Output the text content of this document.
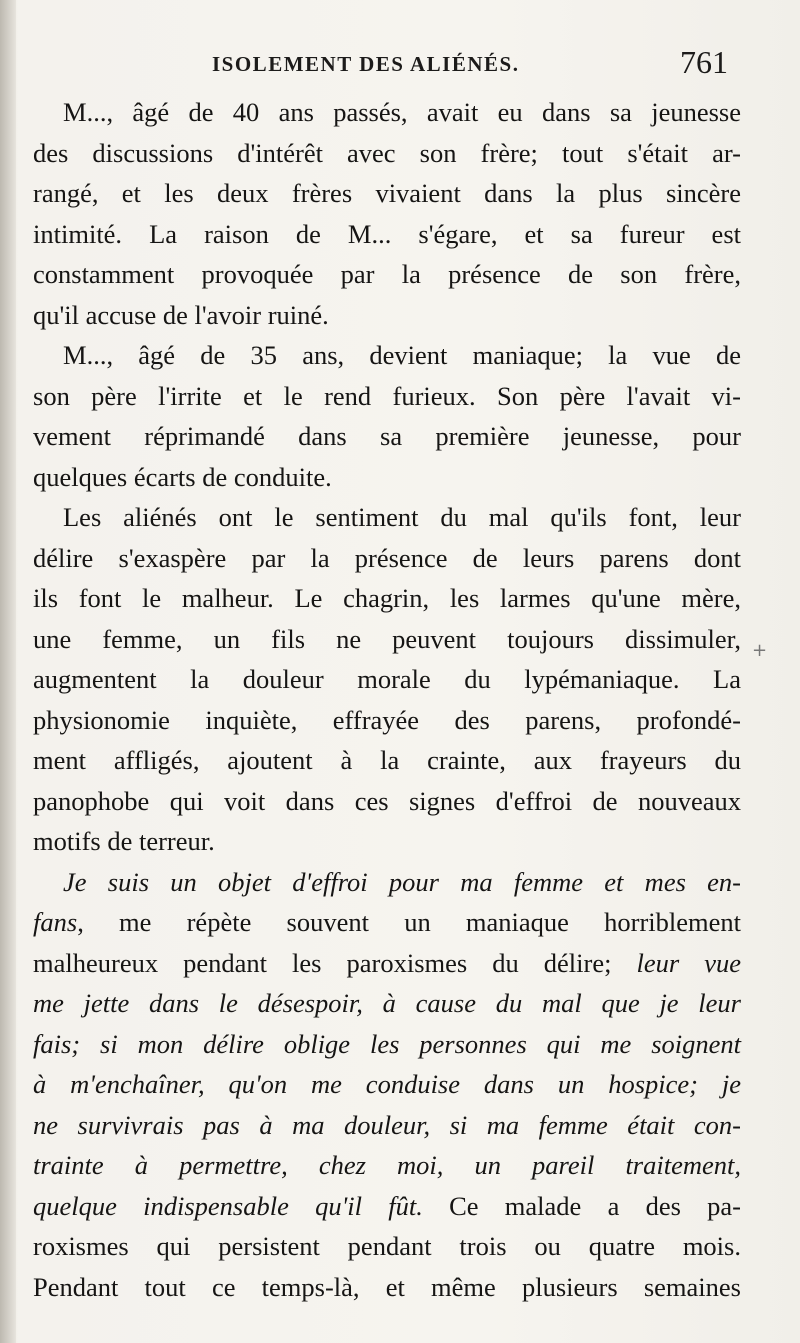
ISOLEMENT DES ALIÉNÉS.	761
M..., âgé de 40 ans passés, avait eu dans sa jeunesse
des discussions d'intérêt avec son frère; tout s'était ar-
rangé, et les deux frères vivaient dans la plus sincère
intimité. La raison de M... s'égare, et sa fureur est
constamment provoquée par la présence de son frère,
qu'il accuse de l'avoir ruiné.
M..., âgé de 35 ans, devient maniaque; la vue de
son père l'irrite et le rend furieux. Son père l'avait vi-
vement réprimandé dans sa première jeunesse, pour
quelques écarts de conduite.
Les aliénés ont le sentiment du mal qu'ils font, leur
délire s'exaspère par la présence de leurs parens dont
ils font le malheur. Le chagrin, les larmes qu'une mère,
une femme, un fils ne peuvent toujours dissimuler,
augmentent la douleur morale du lypémaniaque. La
physionomie inquiète, effrayée des parens, profondé-
ment affligés, ajoutent à la crainte, aux frayeurs du
panophobe qui voit dans ces signes d'effroi de nouveaux
motifs de terreur.
Je suis un objet d'effroi pour ma femme et mes en-
fans, me répète souvent un maniaque horriblement
malheureux pendant les paroxismes du délire; leur vue
me jette dans le désespoir, à cause du mal que je leur
fais; si mon délire oblige les personnes qui me soignent
à m'enchaîner, qu'on me conduise dans un hospice; je
ne survivrais pas à ma douleur, si ma femme était con-
trainte à permettre, chez moi, un pareil traitement,
quelque indispensable qu'il fût. Ce malade a des pa-
roxismes qui persistent pendant trois ou quatre mois.
Pendant tout ce temps-là, et même plusieurs semaines
+
